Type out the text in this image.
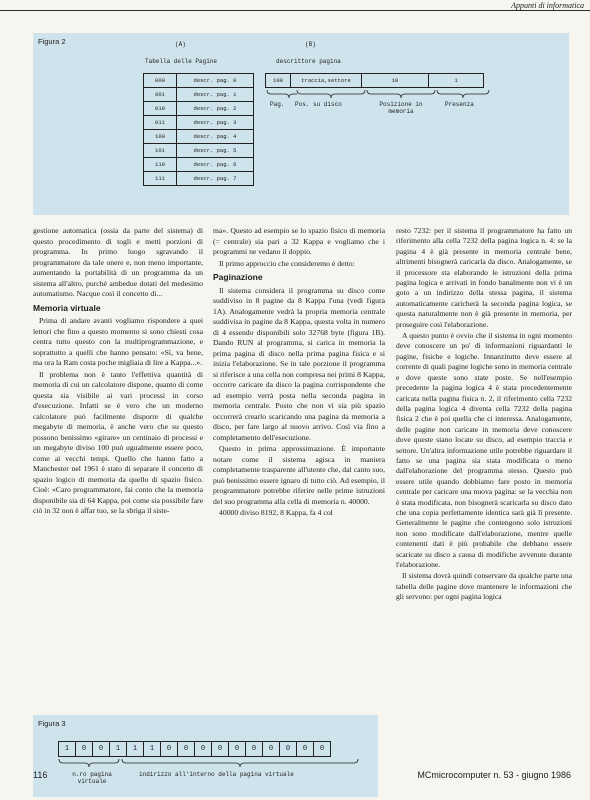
Appunti di informatica
Figura 2	(A)
Tabella delle Pagine
(B)
descrittore pagina
000	descr. pag. 0
001	descr. pag. 1
010	descr. pag. 2
011	descr. pag. 3
100	descr. pag. 4
101	descr. pag. 5
110	descr. pag. 6
111	descr. pag. 7
100	traccia,settore	10	1
Pag. Pos. su disco	Posizione in memoria
Presenza

gestione automatica (ossia da parte del sistema) di questo procedimento di togli e metti porzioni di programma. In primo luogo sgravando il programmatore da tale onere e, non meno importante, aumentando la portabilità di un programma da un sistema all'altro, purché ambedue dotati del medesimo automatismo. Nacque così il concetto di...

Memoria virtuale

Prima di andare avanti vogliamo rispondere a quei lettori che fino a questo momento si sono chiesti cosa centra tutto questo con la multiprogrammazione, e soprattutto a quelli che hanno pensato: «Sì, va bene, ma ora la Ram costa poche migliaia di lire a Kappa...».

Il problema non è tanto l'effettiva quantità di memoria di cui un calcolatore dispone, quanto di come questa sia visibile ai vari processi in corso d'esecuzione. Infatti se è vero che un moderno calcolatore può facilmente disporre di qualche megabyte di memoria, è anche vero che su questo possono benissimo «girare» un centinaio di processi e un megabyte diviso 100 può ugualmente essere poco, come ai vecchi tempi. Quello che hanno fatto a Manchester nel 1961 è stato di separare il concetto di spazio logico di memoria da quello di spazio fisico. Cioè: «Caro programmatore, fai conto che la memoria disponibile sia di 64 Kappa, poi come sia possibile fare ciò in 32 non è affar tuo, se la sbriga il siste-

ma». Questo ad esempio se lo spazio fisico di memoria (= centrale) sia pari a 32 Kappa e vogliamo che i programmi ne vedano il doppio.

Il primo approccio che consideremo è detto:

Paginazione

Il sistema considera il programma su disco come suddiviso in 8 pagine da 8 Kappa l'una (vedi figura 1A). Analogamente vedrà la propria memoria centrale suddivisa in pagine da 8 Kappa, questa volta in numero di 4 essendo disponibili solo 32768 byte (figura 1B). Dando RUN al programma, si carica in memoria la prima pagina di disco nella prima pagina fisica e si inizia l'elaborazione. Se in tale porzione il programma si riferisce a una cella non compresa nei primi 8 Kappa, occorre caricare da disco la pagina corrispondente che ad esempio verrà posta nella seconda pagina in memoria centrale. Posto che non vi sia più spazio occorrerà crearlo scaricando una pagina da memoria a disco, per fare largo al nuovo arrivo. Così via fino a completamento dell'esecuzione.

Questo in prima approssimazione. È importante notare come il sistema agisca in maniera completamente trasparente all'utente che, dal canto suo, può benissimo essere ignaro di tutto ciò. Ad esempio, il programmatore potrebbe riferire nelle prime istruzioni del suo programma alla cella di memoria n. 40000.

40000 diviso 8192, 8 Kappa, fa 4 col

resto 7232: per il sistema il programmatore ha fatto un riferimento alla cella 7232 della pagina logica n. 4: se la pagina 4 è già presente in memoria centrale bene, altrimenti bisognerà caricarla da disco. Analogamente, se il processore sta elaborando le istruzioni della prima pagina logica e arrivati in fondo banalmente non vi è un goto a un indirizzo della stessa pagina, il sistema automaticamente caricherà la seconda pagina logica, se questa naturalmente non è già presente in memoria, per proseguire così l'elaborazione.

A questo punto è ovvio che il sistema in ogni momento deve conoscere un po' di informazioni riguardanti le pagine, fisiche e logiche. Innanzitutto deve essere al corrente di quali pagine logiche sono in memoria centrale e dove queste sono state poste. Se nell'esempio precedente la pagina logica 4 è stata precedentemente caricata nella pagina fisica n. 2, il riferimento cella 7232 della pagina logica 4 diventa cella 7232 della pagina fisica 2 che è poi quella che ci interessa. Analogamente, delle pagine non caricate in memoria deve conoscere dove queste siano locate su disco, ad esempio traccia e settore. Un'altra informazione utile potrebbe riguardare il fatto se una pagina sia stata modificata o meno dall'elaborazione del programma stesso. Questo può essere utile quando dobbiamo fare posto in memoria centrale per caricare una nuova pagina: se la vecchia non è stata modificata, non bisognerà scaricarla su disco dato che una copia perfettamente identica sarà già lì presente. Generalmente le pagine che contengono solo istruzioni non sono modificate dall'elaborazione, mentre quelle contenenti dati è più probabile che debbano essere scaricate su disco a causa di modifiche avvenute durante l'elaborazione.

Il sistema dovrà quindi conservare da qualche parte una tabella delle pagine dove mantenere le informazioni che gli servono: per ogni pagina logica

Figura 3
1	0	0	1	1	1	0	0	0	0	0	0	0	0	0	0
n.ro pagina virtuale
indirizzo all'interno della pagina virtuale
116	MCmicrocomputer n. 53 - giugno 1986
